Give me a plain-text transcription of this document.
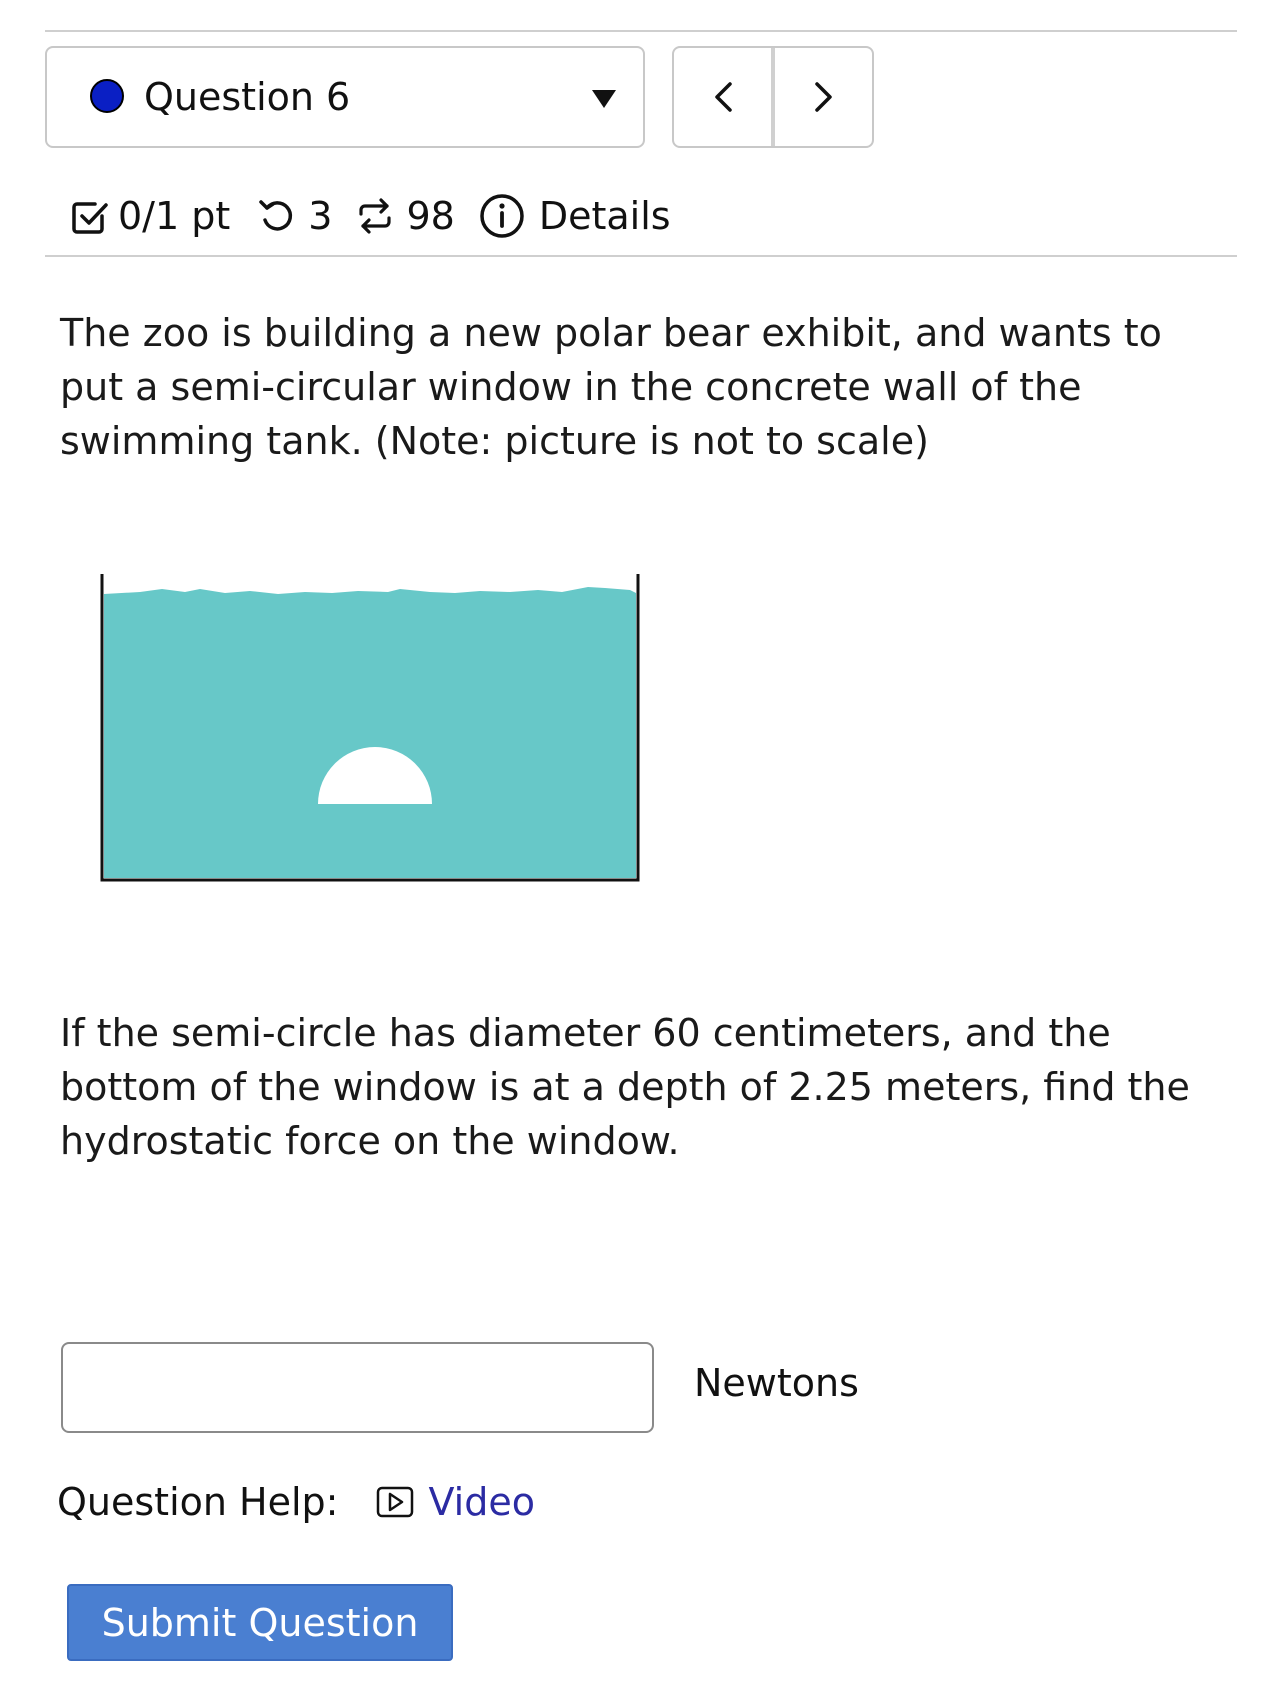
Question 6
0/1 pt 3 98 Details

The zoo is building a new polar bear exhibit, and wants to put a semi-circular window in the concrete wall of the swimming tank. (Note: picture is not to scale)

If the semi-circle has diameter 60 centimeters, and the bottom of the window is at a depth of 2.25 meters, find the hydrostatic force on the window.

Newtons
Question Help: Video
Submit Question
